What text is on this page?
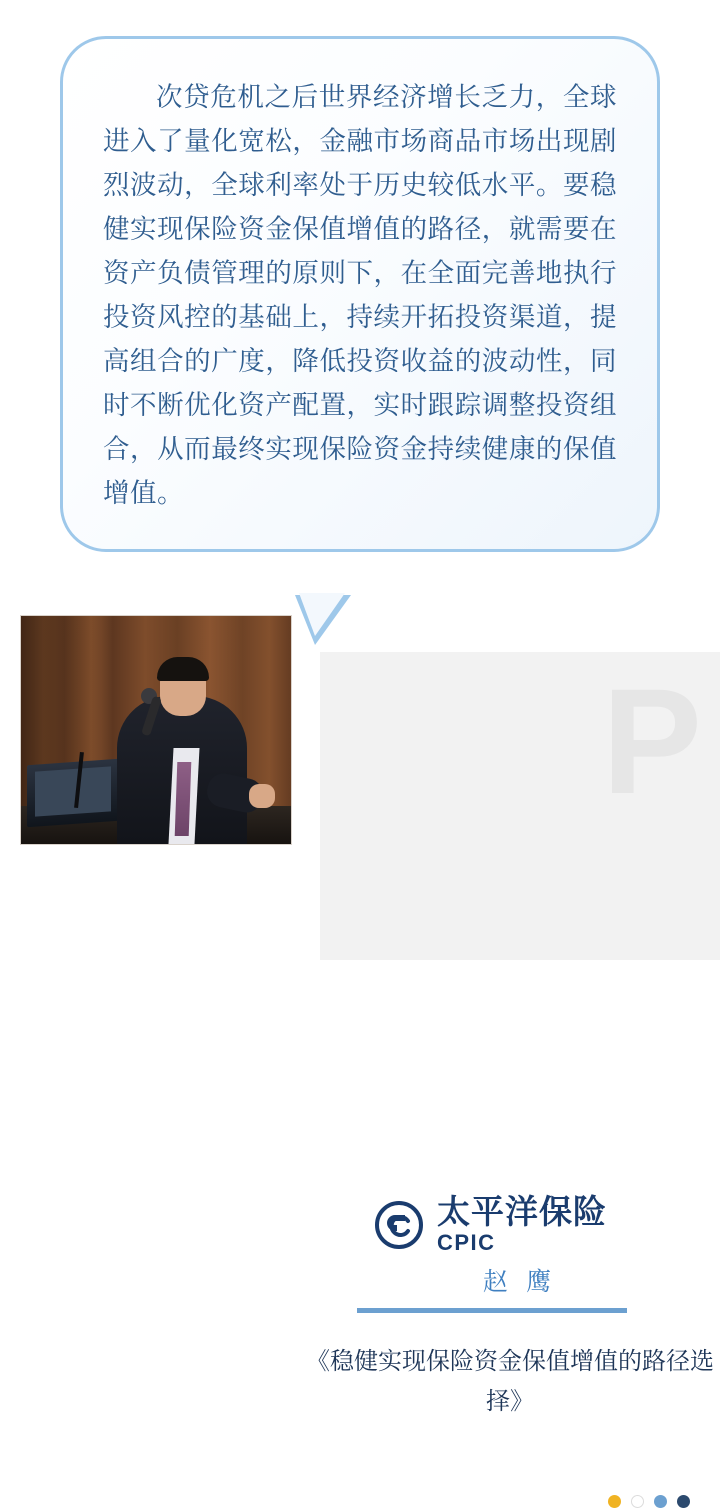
次贷危机之后世界经济增长乏力，全球进入了量化宽松，金融市场商品市场出现剧烈波动，全球利率处于历史较低水平。要稳健实现保险资金保值增值的路径，就需要在资产负债管理的原则下，在全面完善地执行投资风控的基础上，持续开拓投资渠道，提高组合的广度，降低投资收益的波动性，同时不断优化资产配置，实时跟踪调整投资组合，从而最终实现保险资金持续健康的保值增值。

P
太平洋保险
CPIC
赵 鹰
《稳健实现保险资金保值增值的路径选择》
